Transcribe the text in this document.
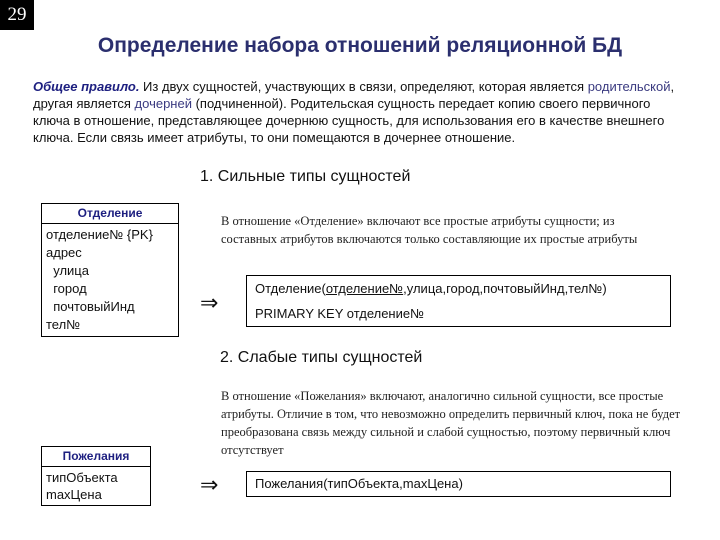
29
Определение набора отношений реляционной БД
Общее правило. Из двух сущностей, участвующих в связи, определяют, которая является родительской, другая является дочерней (подчиненной). Родительская сущность передает копию своего первичного ключа в отношение, представляющее дочернюю сущность, для использования его в качестве внешнего ключа. Если связь имеет атрибуты, то они помещаются в дочернее отношение.
1. Сильные типы сущностей
Отделение
отделение№ {PK}
адрес
улица
город
почтовыйИнд
тел№
В отношение «Отделение» включают все простые атрибуты сущности; из составных атрибутов включаются только составляющие их простые атрибуты
⇒
Отделение(отделение№,улица,город,почтовыйИнд,тел№)
PRIMARY KEY отделение№
2. Слабые типы сущностей
В отношение «Пожелания» включают, аналогично сильной сущности, все простые атрибуты. Отличие в том, что невозможно определить первичный ключ, пока не будет преобразована связь между сильной и слабой сущностью, поэтому первичный ключ отсутствует
Пожелания
типОбъекта
maxЦена	⇒	Пожелания(типОбъекта,maxЦена)
